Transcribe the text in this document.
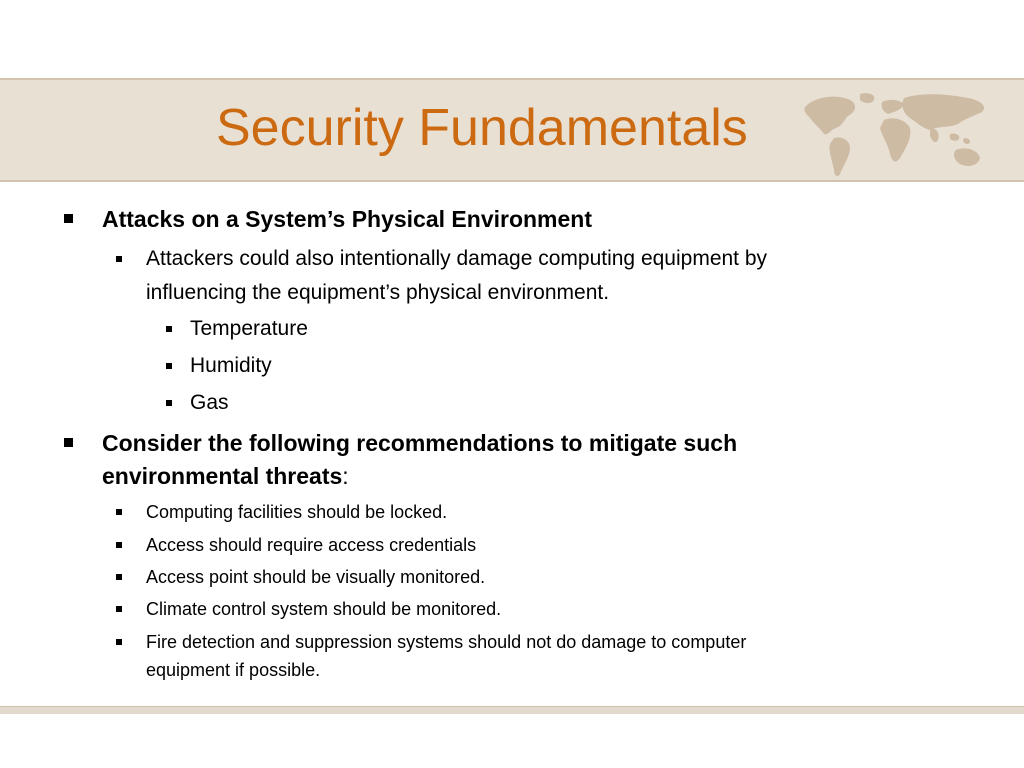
Security Fundamentals
Attacks on a System’s Physical Environment
Attackers could also intentionally damage computing equipment by
influencing the equipment’s physical environment.
Temperature
Humidity
Gas
Consider the following recommendations to mitigate such
environmental threats:
Computing facilities should be locked.
Access should require access credentials
Access point should be visually monitored.
Climate control system should be monitored.
Fire detection and suppression systems should not do damage to computer
equipment if possible.
